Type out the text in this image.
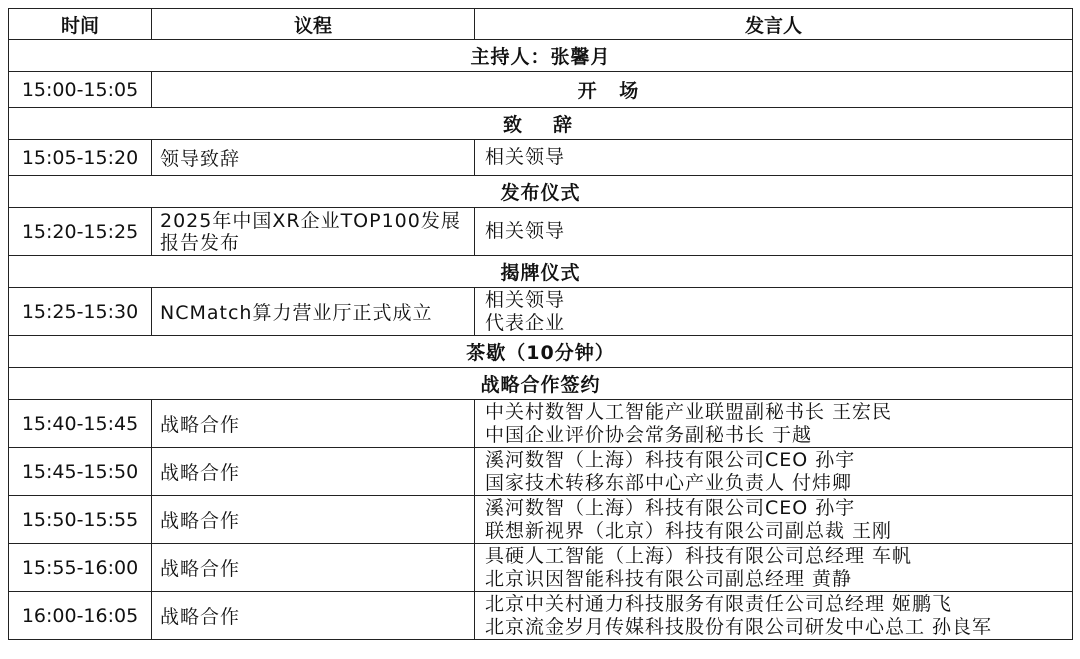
时间	议程	发言人
主持人：张馨月		
15:00-15:05	开 场	
致　辞		
15:05-15:20	领导致辞	相关领导
发布仪式		
15:20-15:25	2025年中国XR企业TOP100发展
报告发布	相关领导
揭牌仪式		
15:25-15:30	NCMatch算力营业厅正式成立	相关领导
代表企业

茶歇（10分钟）		
战略合作签约		
15:40-15:45	战略合作	中关村数智人工智能产业联盟副秘书长 王宏民
中国企业评价协会常务副秘书长 于越

15:45-15:50	战略合作	溪河数智（上海）科技有限公司CEO 孙宇
国家技术转移东部中心产业负责人 付炜卿

15:50-15:55	战略合作	溪河数智（上海）科技有限公司CEO 孙宇
联想新视界（北京）科技有限公司副总裁 王刚

15:55-16:00	战略合作	具硬人工智能（上海）科技有限公司总经理 车帆
北京识因智能科技有限公司副总经理 黄静

16:00-16:05	战略合作	北京中关村通力科技服务有限责任公司总经理 姬鹏飞
北京流金岁月传媒科技股份有限公司研发中心总工 孙良军
